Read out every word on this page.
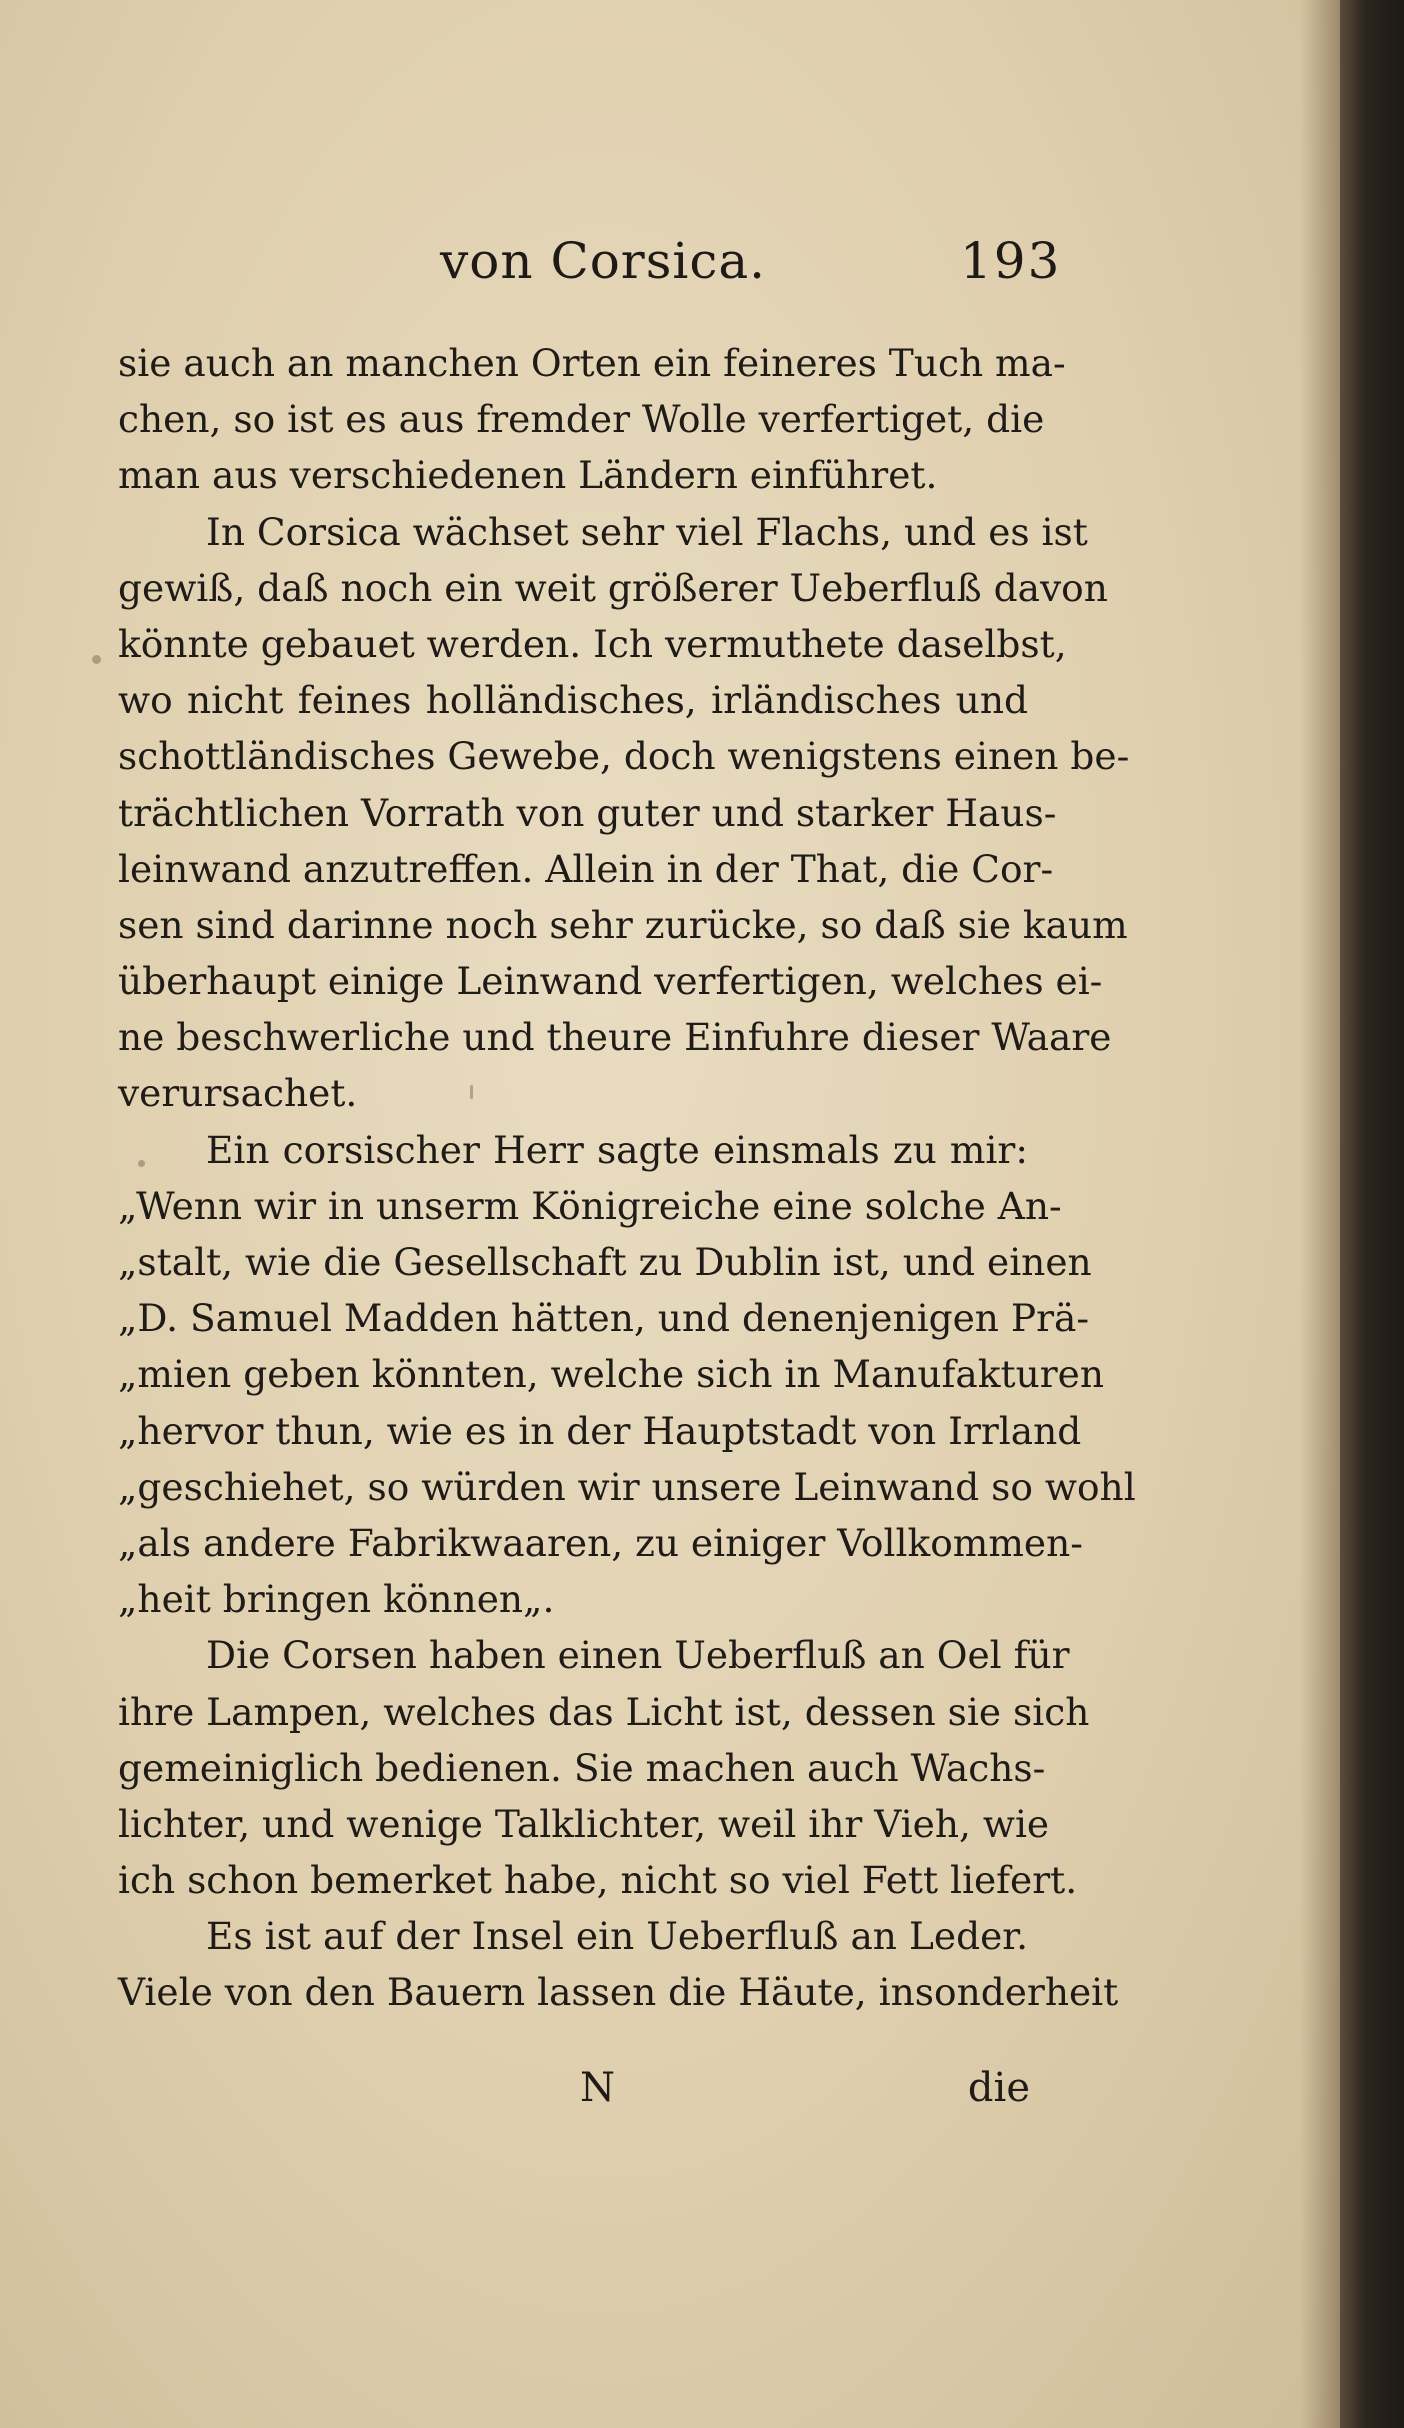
von Corsica.	193
sie auch an manchen Orten ein feineres Tuch ma-
chen, so ist es aus fremder Wolle verfertiget, die
man aus verschiedenen Ländern einführet.
In Corsica wächset sehr viel Flachs, und es ist
gewiß, daß noch ein weit größerer Ueberfluß davon
könnte gebauet werden. Ich vermuthete daselbst,
wo nicht feines holländisches, irländisches und
schottländisches Gewebe, doch wenigstens einen be-
trächtlichen Vorrath von guter und starker Haus-
leinwand anzutreffen. Allein in der That, die Cor-
sen sind darinne noch sehr zurücke, so daß sie kaum
überhaupt einige Leinwand verfertigen, welches ei-
ne beschwerliche und theure Einfuhre dieser Waare
verursachet.
Ein corsischer Herr sagte einsmals zu mir:
„Wenn wir in unserm Königreiche eine solche An-
„stalt, wie die Gesellschaft zu Dublin ist, und einen
„D. Samuel Madden hätten, und denenjenigen Prä-
„mien geben könnten, welche sich in Manufakturen
„hervor thun, wie es in der Hauptstadt von Irrland
„geschiehet, so würden wir unsere Leinwand so wohl
„als andere Fabrikwaaren, zu einiger Vollkommen-
„heit bringen können„.
Die Corsen haben einen Ueberfluß an Oel für
ihre Lampen, welches das Licht ist, dessen sie sich
gemeiniglich bedienen. Sie machen auch Wachs-
lichter, und wenige Talklichter, weil ihr Vieh, wie
ich schon bemerket habe, nicht so viel Fett liefert.
Es ist auf der Insel ein Ueberfluß an Leder.
Viele von den Bauern lassen die Häute, insonderheit
N	die
